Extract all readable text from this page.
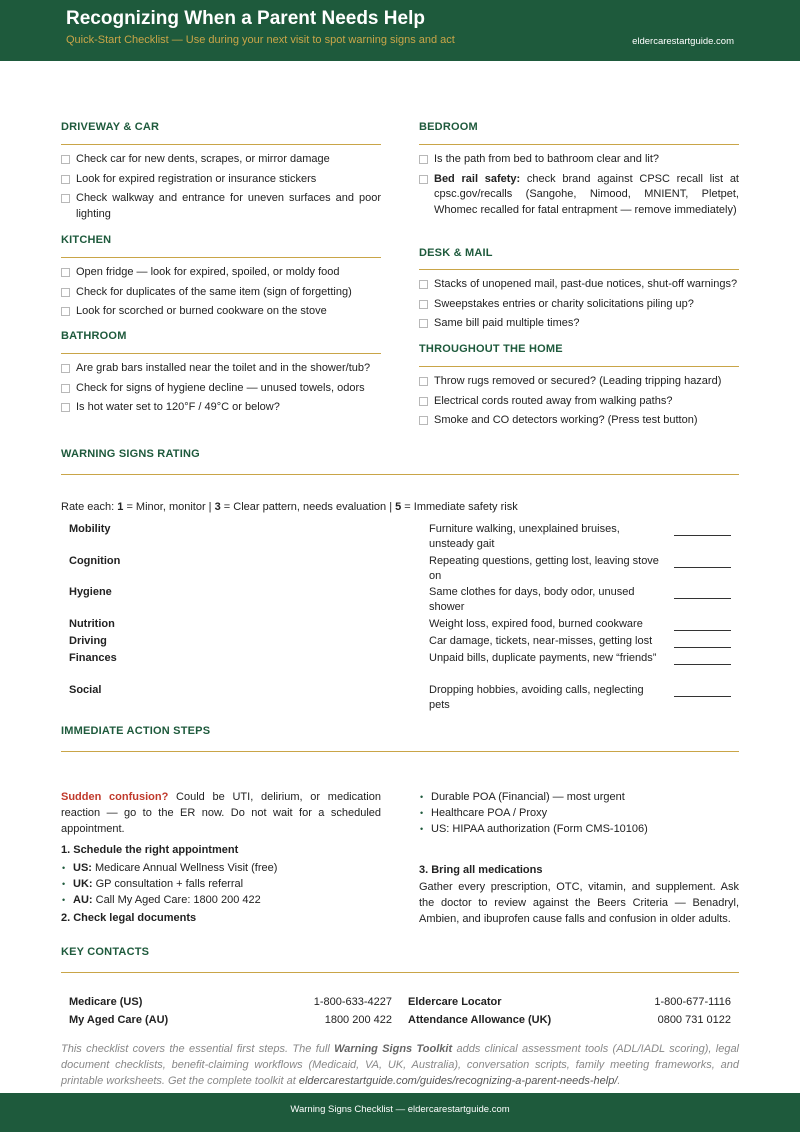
Recognizing When a Parent Needs Help
Quick-Start Checklist — Use during your next visit to spot warning signs and act	eldercarestartguide.com
DRIVEWAY & CAR
Check car for new dents, scrapes, or mirror damage
Look for expired registration or insurance stickers
Check walkway and entrance for uneven surfaces and poor lighting
KITCHEN
Open fridge — look for expired, spoiled, or moldy food
Check for duplicates of the same item (sign of forgetting)
Look for scorched or burned cookware on the stove
BATHROOM
Are grab bars installed near the toilet and in the shower/tub?
Check for signs of hygiene decline — unused towels, odors
Is hot water set to 120°F / 49°C or below?
BEDROOM
Is the path from bed to bathroom clear and lit?
Bed rail safety: check brand against CPSC recall list at cpsc.gov/recalls (Sangohe, Nimood, MNIENT, Pletpet, Whomec recalled for fatal entrapment — remove immediately)
DESK & MAIL
Stacks of unopened mail, past-due notices, shut-off warnings?
Sweepstakes entries or charity solicitations piling up?
Same bill paid multiple times?
THROUGHOUT THE HOME
Throw rugs removed or secured? (Leading tripping hazard)
Electrical cords routed away from walking paths?
Smoke and CO detectors working? (Press test button)
WARNING SIGNS RATING
Rate each: 1 = Minor, monitor | 3 = Clear pattern, needs evaluation | 5 = Immediate safety risk
Mobility	Furniture walking, unexplained bruises, unsteady gait
Cognition	Repeating questions, getting lost, leaving stove on
Hygiene	Same clothes for days, body odor, unused shower
Nutrition	Weight loss, expired food, burned cookware
Driving	Car damage, tickets, near-misses, getting lost
Finances	Unpaid bills, duplicate payments, new “friends”
Social	Dropping hobbies, avoiding calls, neglecting pets
IMMEDIATE ACTION STEPS
Sudden confusion? Could be UTI, delirium, or medication reaction — go to the ER now. Do not wait for a scheduled appointment.
1. Schedule the right appointment
• US: Medicare Annual Wellness Visit (free)
• UK: GP consultation + falls referral
• AU: Call My Aged Care: 1800 200 422
2. Check legal documents
• Durable POA (Financial) — most urgent
• Healthcare POA / Proxy
• US: HIPAA authorization (Form CMS-10106)
3. Bring all medications
Gather every prescription, OTC, vitamin, and supplement. Ask the doctor to review against the Beers Criteria — Benadryl, Ambien, and ibuprofen cause falls and confusion in older adults.
KEY CONTACTS
Medicare (US)	1-800-633-4227
My Aged Care (AU)	1800 200 422
Eldercare Locator	1-800-677-1116
Attendance Allowance (UK)	0800 731 0122
This checklist covers the essential first steps. The full Warning Signs Toolkit adds clinical assessment tools (ADL/IADL scoring), legal document checklists, benefit-claiming workflows (Medicaid, VA, UK, Australia), conversation scripts, family meeting frameworks, and printable worksheets. Get the complete toolkit at eldercarestartguide.com/guides/recognizing-a-parent-needs-help/.
Warning Signs Checklist — eldercarestartguide.com
